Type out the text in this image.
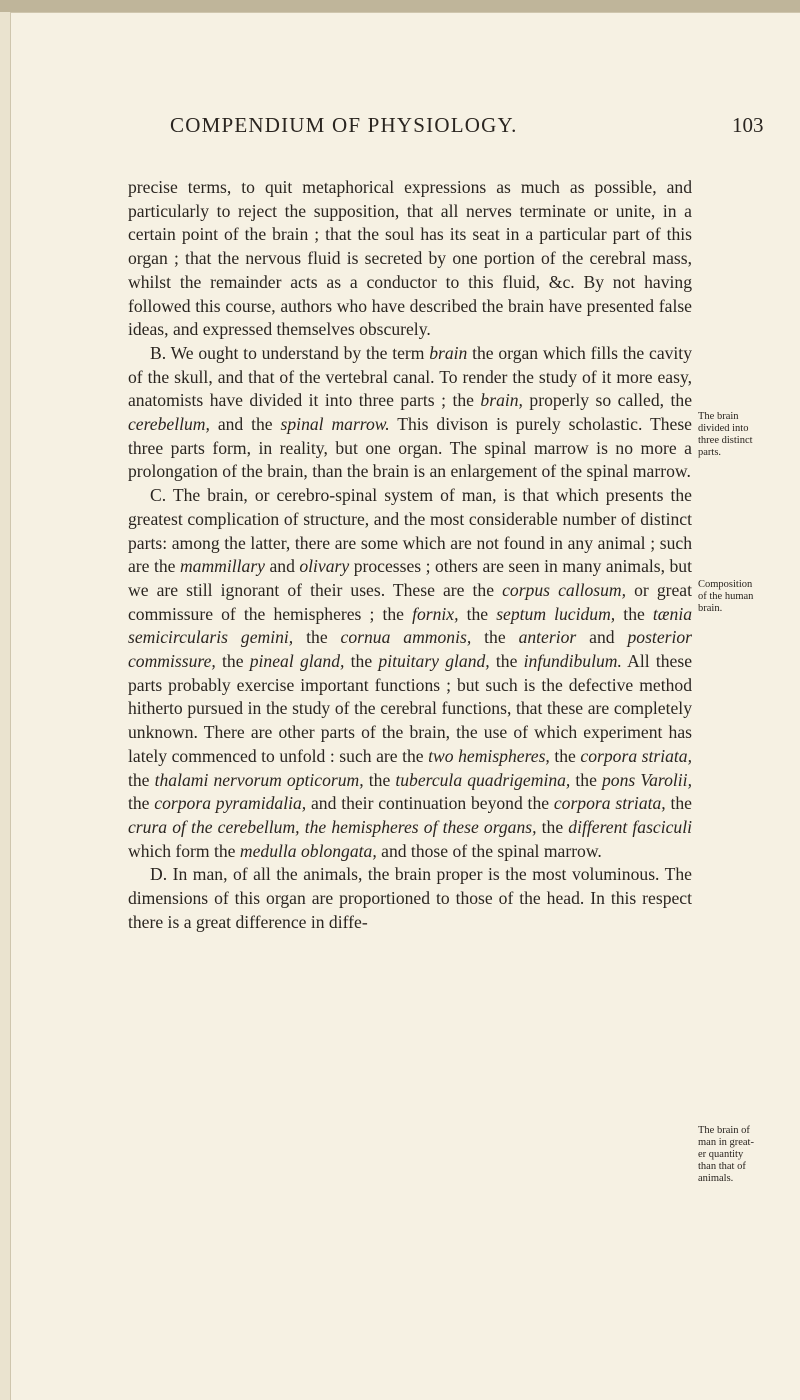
COMPENDIUM OF PHYSIOLOGY.	103

precise terms, to quit metaphorical expressions as much as possible, and particularly to reject the supposition, that all nerves terminate or unite, in a certain point of the brain ; that the soul has its seat in a particular part of this organ ; that the nervous fluid is secreted by one portion of the cerebral mass, whilst the remainder acts as a conductor to this fluid, &c. By not having followed this course, authors who have described the brain have presented false ideas, and expressed themselves obscurely.

B. We ought to understand by the term brain the organ which fills the cavity of the skull, and that of the vertebral canal. To render the study of it more easy, anatomists have divided it into three parts ; the brain, properly so called, the cerebellum, and the spinal marrow. This divison is purely scholastic. These three parts form, in reality, but one organ. The spinal marrow is no more a prolongation of the brain, than the brain is an enlargement of the spinal marrow.

C. The brain, or cerebro-spinal system of man, is that which presents the greatest complication of structure, and the most considerable number of distinct parts: among the latter, there are some which are not found in any animal ; such are the mammillary and olivary processes ; others are seen in many animals, but we are still ignorant of their uses. These are the corpus callosum, or great commissure of the hemispheres ; the fornix, the septum lucidum, the tænia semicircularis gemini, the cornua ammonis, the anterior and posterior commissure, the pineal gland, the pituitary gland, the infundibulum. All these parts probably exercise important functions ; but such is the defective method hitherto pursued in the study of the cerebral functions, that these are completely unknown. There are other parts of the brain, the use of which experiment has lately commenced to unfold : such are the two hemispheres, the corpora striata, the thalami nervorum opticorum, the tubercula quadrigemina, the pons Varolii, the corpora pyramidalia, and their continuation beyond the corpora striata, the crura of the cerebellum, the hemispheres of these organs, the different fasciculi which form the medulla oblongata, and those of the spinal marrow.

D. In man, of all the animals, the brain proper is the most voluminous. The dimensions of this organ are proportioned to those of the head. In this respect there is a great difference in diffe-

The brain
divided into
three distinct
parts.
Composition
of the human
brain.
The brain of
man in great-
er quantity
than that of
animals.
